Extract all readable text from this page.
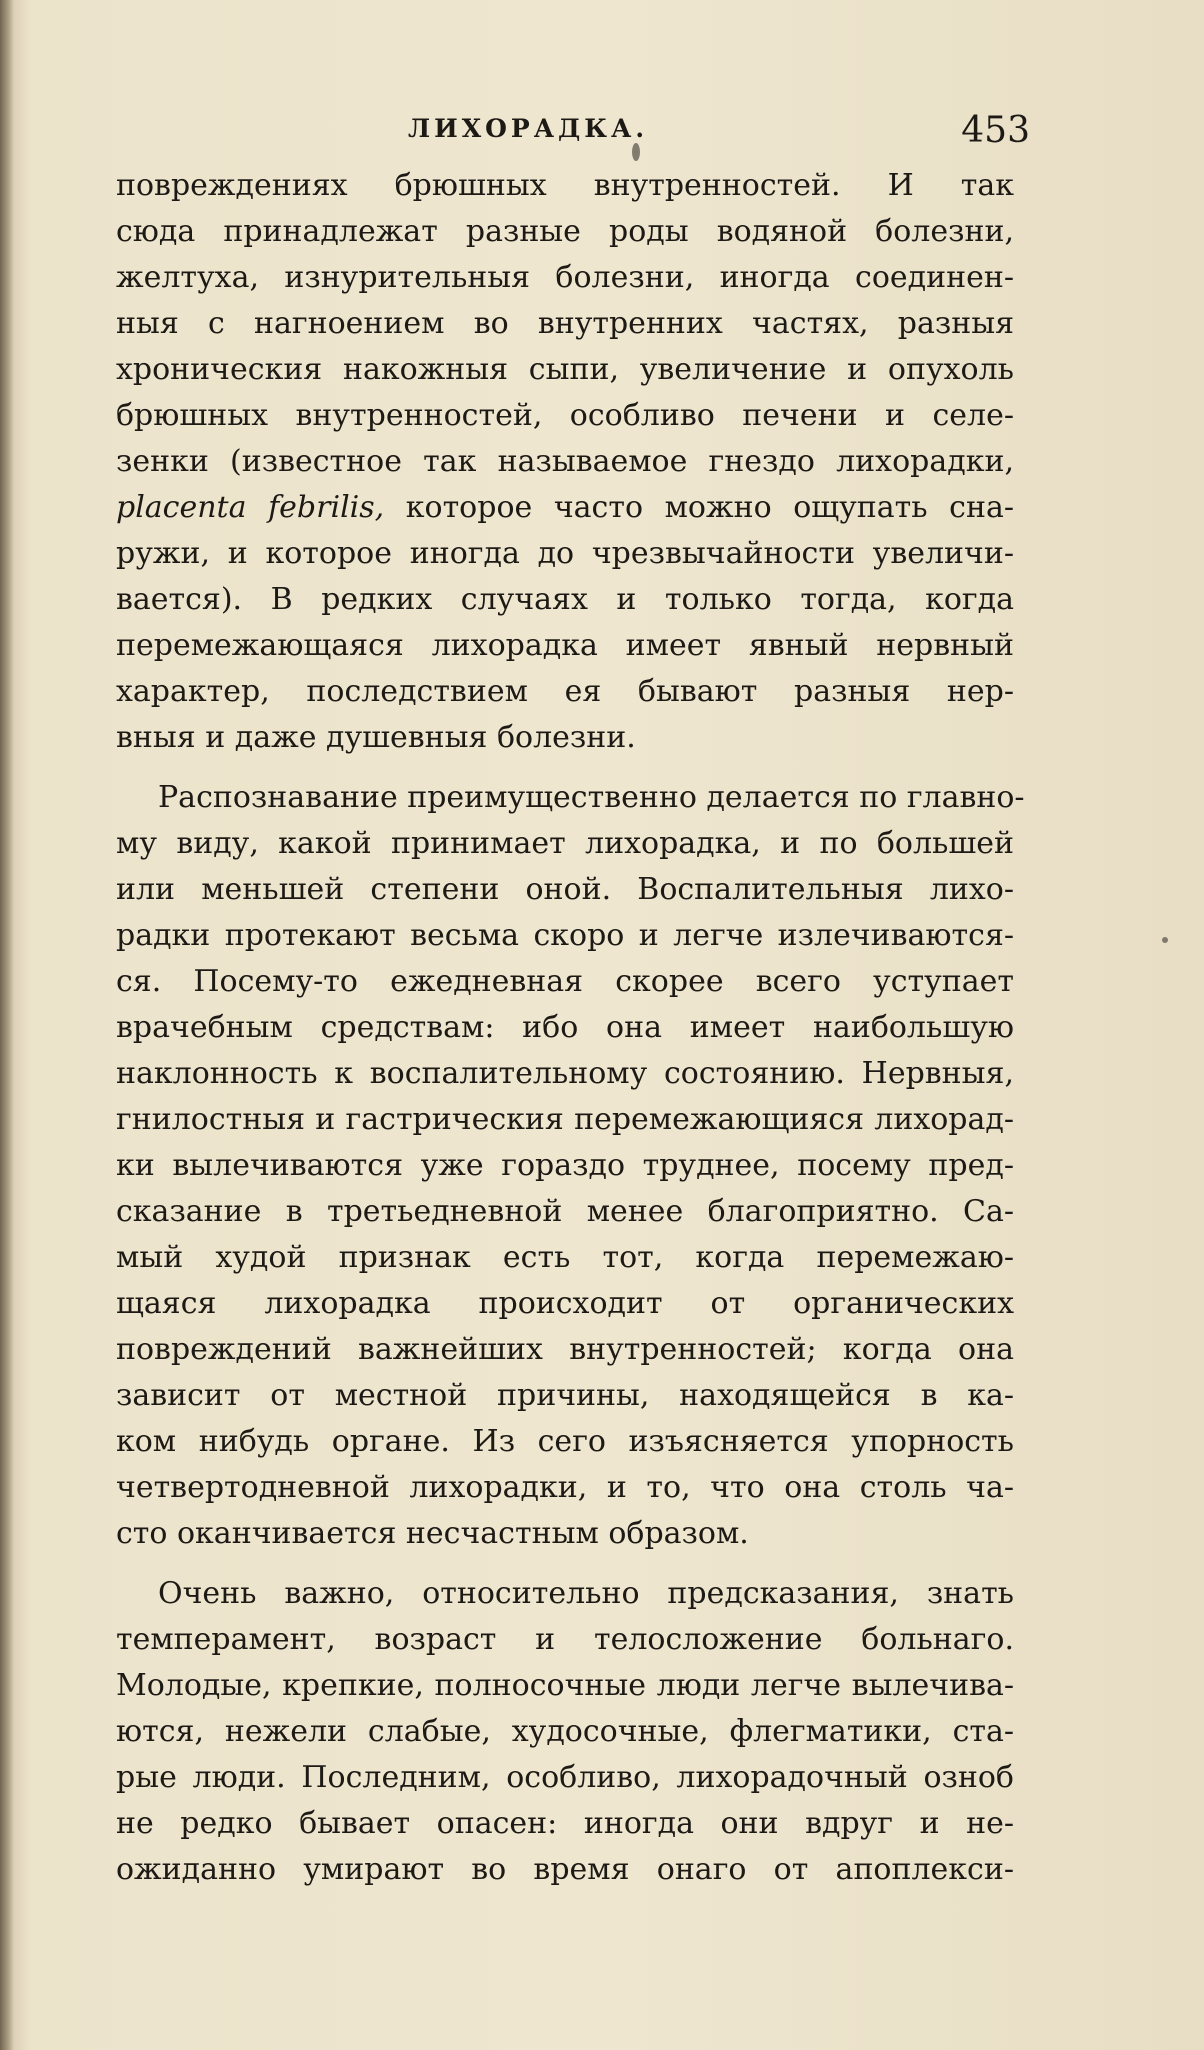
ЛИХОРАДКА.	453
повреждениях брюшных внутренностей. И так
сюда принадлежат разные роды водяной болезни,
желтуха, изнурительныя болезни, иногда соединен-
ныя с нагноением во внутренних частях, разныя
хроническия накожныя сыпи, увеличение и опухоль
брюшных внутренностей, особливо печени и селе-
зенки (известное так называемое гнездо лихорадки,
placenta febrilis, которое часто можно ощупать сна-
ружи, и которое иногда до чрезвычайности увеличи-
вается). В редких случаях и только тогда, когда
перемежающаяся лихорадка имеет явный нервный
характер, последствием ея бывают разныя нер-
вныя и даже душевныя болезни.
Распознавание преимущественно делается по главно-
му виду, какой принимает лихорадка, и по большей
или меньшей степени оной. Воспалительныя лихо-
радки протекают весьма скоро и легче излечиваются-
ся. Посему-то ежедневная скорее всего уступает
врачебным средствам: ибо она имеет наибольшую
наклонность к воспалительному состоянию. Нервныя,
гнилостныя и гастрическия перемежающияся лихорад-
ки вылечиваются уже гораздо труднее, посему пред-
сказание в третьедневной менее благоприятно. Са-
мый худой признак есть тот, когда перемежаю-
щаяся лихорадка происходит от органических
повреждений важнейших внутренностей; когда она
зависит от местной причины, находящейся в ка-
ком нибудь органе. Из сего изъясняется упорность
четвертодневной лихорадки, и то, что она столь ча-
сто оканчивается несчастным образом.
Очень важно, относительно предсказания, знать
темперамент, возраст и телосложение больнаго.
Молодые, крепкие, полносочные люди легче вылечива-
ются, нежели слабые, худосочные, флегматики, ста-
рые люди. Последним, особливо, лихорадочный озноб
не редко бывает опасен: иногда они вдруг и не-
ожиданно умирают во время онаго от апоплекси-
